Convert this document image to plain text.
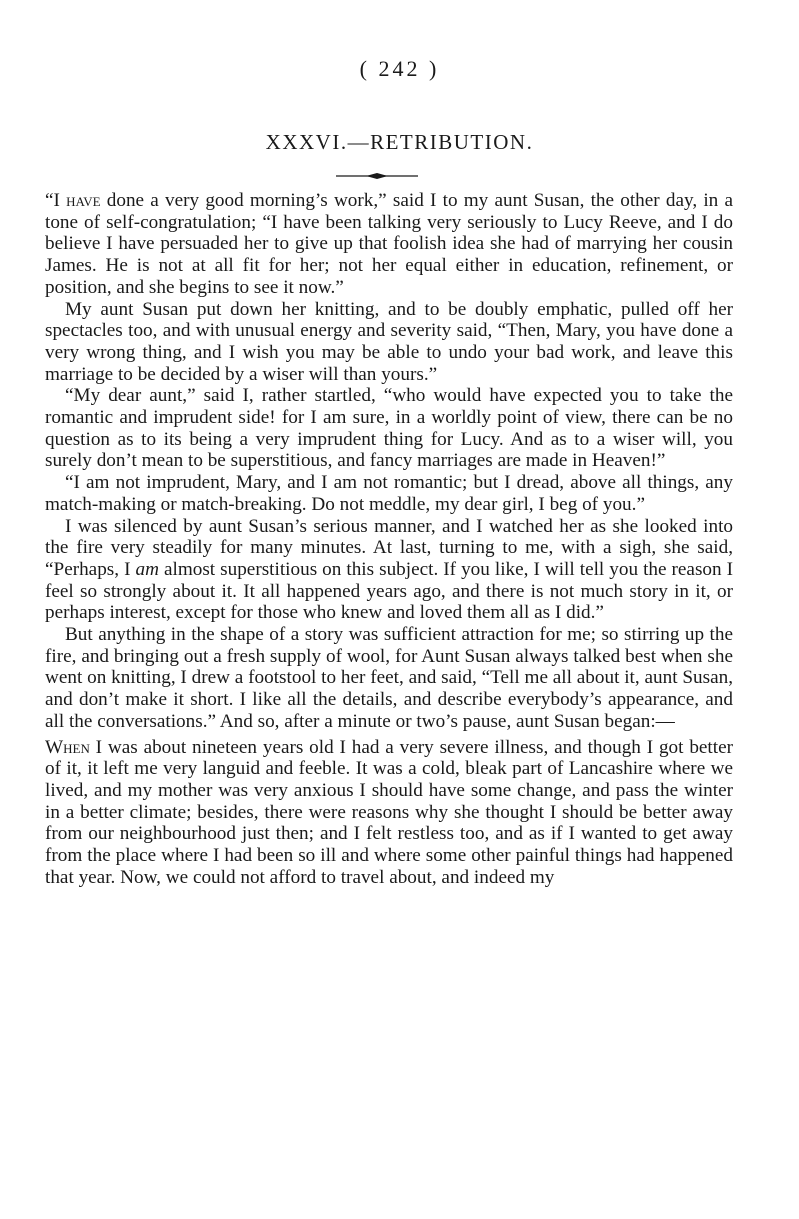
( 242 )
XXXVI.—RETRIBUTION.

“I have done a very good morning’s work,” said I to my aunt Susan, the other day, in a tone of self-congratulation; “I have been talking very seriously to Lucy Reeve, and I do believe I have persuaded her to give up that foolish idea she had of marrying her cousin James. He is not at all fit for her; not her equal either in education, refinement, or position, and she begins to see it now.”

My aunt Susan put down her knitting, and to be doubly emphatic, pulled off her spectacles too, and with unusual energy and severity said, “Then, Mary, you have done a very wrong thing, and I wish you may be able to undo your bad work, and leave this marriage to be decided by a wiser will than yours.”

“My dear aunt,” said I, rather startled, “who would have expected you to take the romantic and imprudent side! for I am sure, in a worldly point of view, there can be no question as to its being a very imprudent thing for Lucy. And as to a wiser will, you surely don’t mean to be superstitious, and fancy marriages are made in Heaven!”

“I am not imprudent, Mary, and I am not romantic; but I dread, above all things, any match-making or match-breaking. Do not meddle, my dear girl, I beg of you.”

I was silenced by aunt Susan’s serious manner, and I watched her as she looked into the fire very steadily for many minutes. At last, turning to me, with a sigh, she said, “Perhaps, I am almost superstitious on this subject. If you like, I will tell you the reason I feel so strongly about it. It all happened years ago, and there is not much story in it, or perhaps interest, except for those who knew and loved them all as I did.”

But anything in the shape of a story was sufficient attraction for me; so stirring up the fire, and bringing out a fresh supply of wool, for Aunt Susan always talked best when she went on knitting, I drew a footstool to her feet, and said, “Tell me all about it, aunt Susan, and don’t make it short. I like all the details, and describe everybody’s appearance, and all the conversations.” And so, after a minute or two’s pause, aunt Susan began:—

When I was about nineteen years old I had a very severe illness, and though I got better of it, it left me very languid and feeble. It was a cold, bleak part of Lancashire where we lived, and my mother was very anxious I should have some change, and pass the winter in a better climate; besides, there were reasons why she thought I should be better away from our neighbourhood just then; and I felt restless too, and as if I wanted to get away from the place where I had been so ill and where some other painful things had happened that year. Now, we could not afford to travel about, and indeed my
